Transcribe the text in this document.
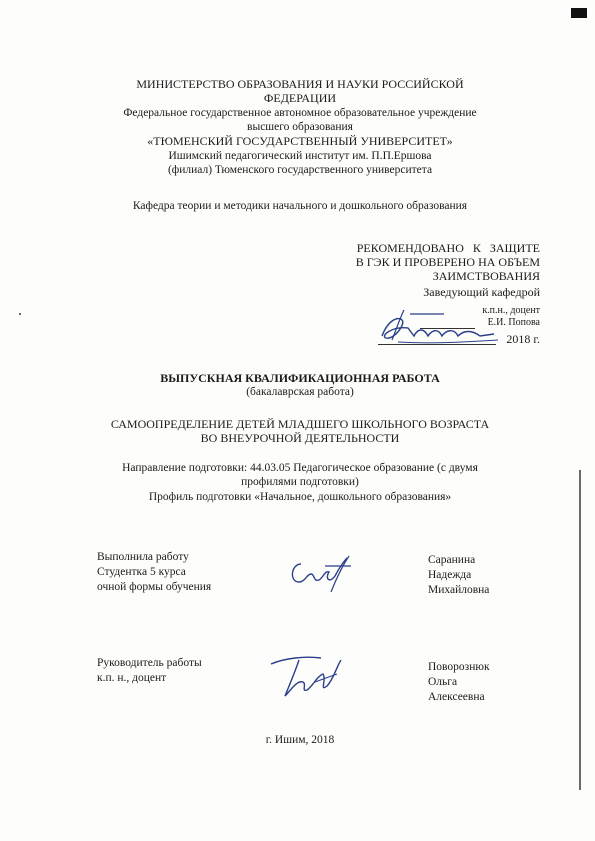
МИНИСТЕРСТВО ОБРАЗОВАНИЯ И НАУКИ РОССИЙСКОЙ
ФЕДЕРАЦИИ
Федеральное государственное автономное образовательное учреждение
высшего образования
«ТЮМЕНСКИЙ ГОСУДАРСТВЕННЫЙ УНИВЕРСИТЕТ»
Ишимский педагогический институт им. П.П.Ершова
(филиал) Тюменского государственного университета
Кафедра теории и методики начального и дошкольного образования
РЕКОМЕНДОВАНО К ЗАЩИТЕ
В ГЭК И ПРОВЕРЕНО НА ОБЪЕМ
ЗАИМСТВОВАНИЯ
Заведующий кафедрой
к.п.н., доцент
Е.И. Попова
2018 г.
ВЫПУСКНАЯ КВАЛИФИКАЦИОННАЯ РАБОТА
(бакалаврская работа)
САМООПРЕДЕЛЕНИЕ ДЕТЕЙ МЛАДШЕГО ШКОЛЬНОГО ВОЗРАСТА
ВО ВНЕУРОЧНОЙ ДЕЯТЕЛЬНОСТИ
Направление подготовки: 44.03.05 Педагогическое образование (с двумя
профилями подготовки)
Профиль подготовки «Начальное, дошкольного образования»
Выполнила работу
Студентка 5 курса
очной формы обучения
Саранина
Надежда
Михайловна
Руководитель работы
к.п. н., доцент
Поворознюк
Ольга
Алексеевна
г. Ишим, 2018
